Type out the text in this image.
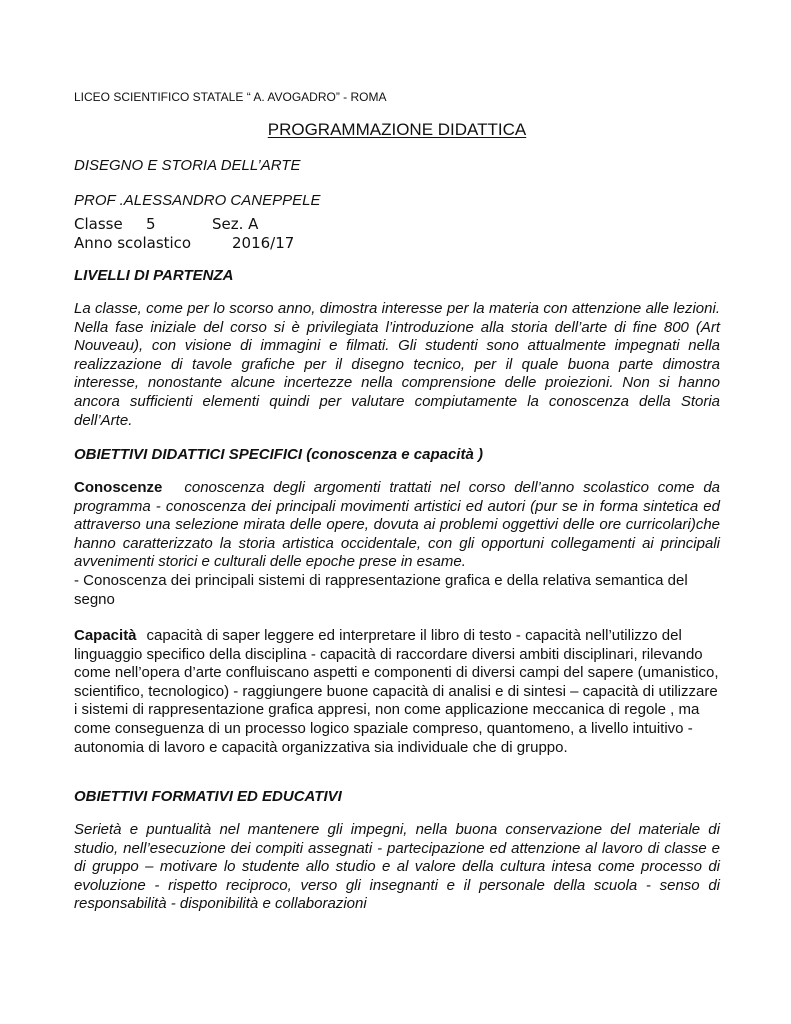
LICEO SCIENTIFICO STATALE “ A. AVOGADRO” - ROMA
PROGRAMMAZIONE DIDATTICA
DISEGNO E STORIA DELL’ARTE
PROF .ALESSANDRO CANEPPELE
Classe	5	Sez. A
Anno scolastico	2016/17
LIVELLI DI PARTENZA
La classe, come per lo scorso anno, dimostra interesse per la materia con attenzione alle lezioni. Nella fase iniziale del corso si è privilegiata l’introduzione alla storia dell’arte di fine 800 (Art Nouveau), con visione di immagini e filmati. Gli studenti sono attualmente impegnati nella realizzazione di tavole grafiche per il disegno tecnico, per il quale buona parte dimostra interesse, nonostante alcune incertezze nella comprensione delle proiezioni. Non si hanno ancora sufficienti elementi quindi per valutare compiutamente la conoscenza della Storia dell’Arte.
OBIETTIVI DIDATTICI SPECIFICI (conoscenza e capacità )
Conoscenze conoscenza degli argomenti trattati nel corso dell’anno scolastico come da programma - conoscenza dei principali movimenti artistici ed autori (pur se in forma sintetica ed attraverso una selezione mirata delle opere, dovuta ai problemi oggettivi delle ore curricolari)che hanno caratterizzato la storia artistica occidentale, con gli opportuni collegamenti ai principali avvenimenti storici e culturali delle epoche prese in esame.
- Conoscenza dei principali sistemi di rappresentazione grafica e della relativa semantica del segno
Capacità capacità di saper leggere ed interpretare il libro di testo - capacità nell’utilizzo del linguaggio specifico della disciplina - capacità di raccordare diversi ambiti disciplinari, rilevando come nell’opera d’arte confluiscano aspetti e componenti di diversi campi del sapere (umanistico, scientifico, tecnologico) - raggiungere buone capacità di analisi e di sintesi – capacità di utilizzare i sistemi di rappresentazione grafica appresi, non come applicazione meccanica di regole , ma come conseguenza di un processo logico spaziale compreso, quantomeno, a livello intuitivo - autonomia di lavoro e capacità organizzativa sia individuale che di gruppo.
OBIETTIVI FORMATIVI ED EDUCATIVI
Serietà e puntualità nel mantenere gli impegni, nella buona conservazione del materiale di studio, nell’esecuzione dei compiti assegnati - partecipazione ed attenzione al lavoro di classe e di gruppo – motivare lo studente allo studio e al valore della cultura intesa come processo di evoluzione - rispetto reciproco, verso gli insegnanti e il personale della scuola - senso di responsabilità - disponibilità e collaborazioni
